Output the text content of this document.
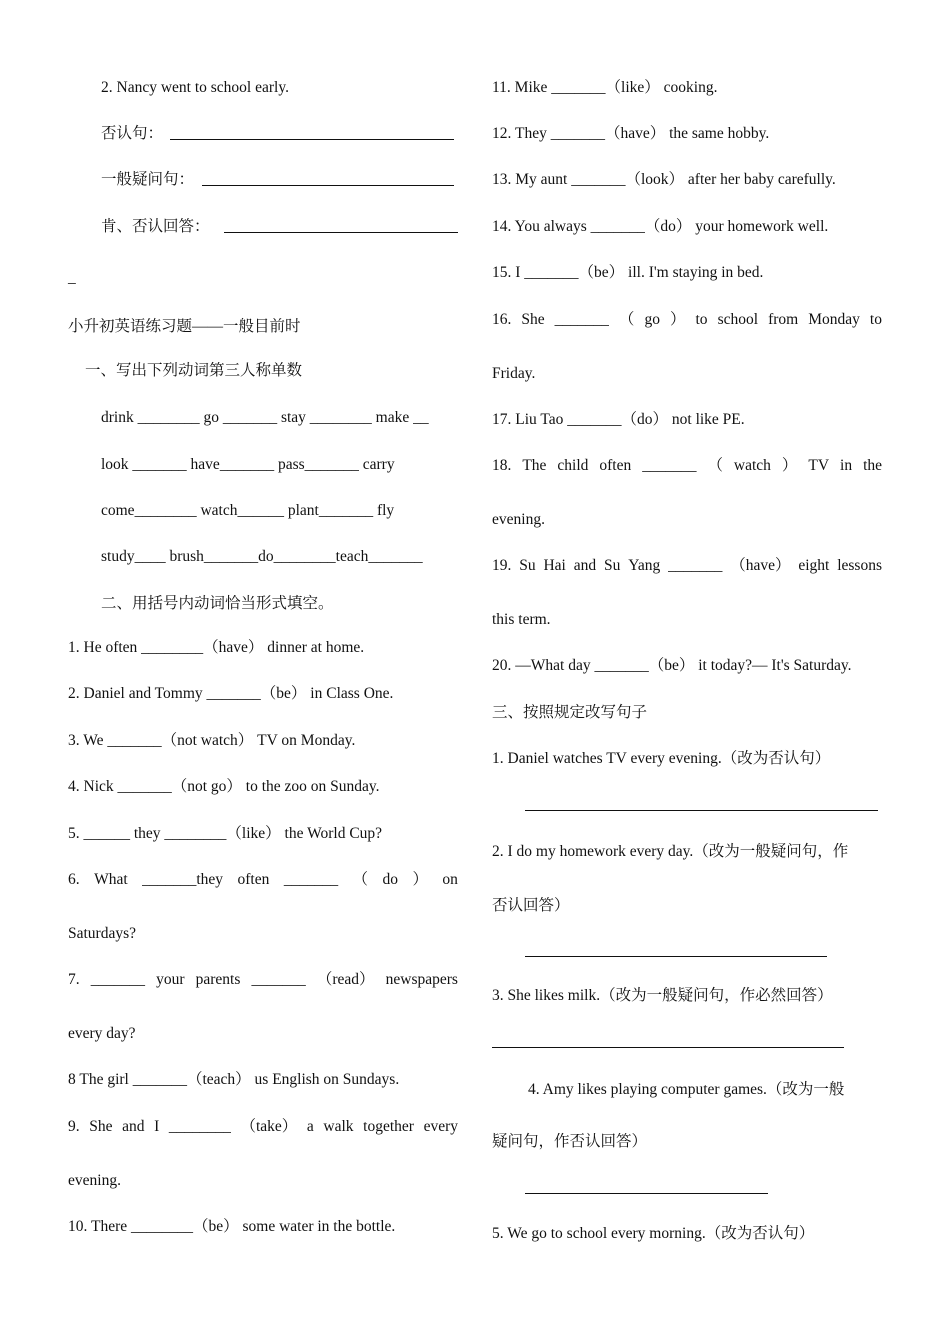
2. Nancy went to school early.
否认句：
一般疑问句：
肯、否认回答：
_
小升初英语练习题——一般目前时
一、写出下列动词第三人称单数
drink ________ go _______ stay ________ make __
look _______ have_______ pass_______ carry
come________ watch______ plant_______ fly
study____ brush_______do________teach_______
二、用括号内动词恰当形式填空。
1. He often ________（have） dinner at home.
2. Daniel and Tommy _______（be） in Class One.
3. We _______（not watch） TV on Monday.
4. Nick _______（not go） to the zoo on Sunday.
5. ______ they ________（like） the World Cup?
6. What _______they often _______ （ do ） on
Saturdays?
7. _______ your parents _______ （read） newspapers
every day?
8 The girl _______（teach） us English on Sundays.
9. She and I ________ （take） a walk together every
evening.
10. There ________（be） some water in the bottle.
11. Mike _______（like） cooking.
12. They _______（have） the same hobby.
13. My aunt _______（look） after her baby carefully.
14. You always _______（do） your homework well.
15. I _______（be） ill. I'm staying in bed.
16. She _______ （ go ） to school from Monday to
Friday.
17. Liu Tao _______（do） not like PE.
18. The child often _______ （ watch ） TV in the
evening.
19. Su Hai and Su Yang _______ （have） eight lessons
this term.
20. —What day _______（be） it today?— It's Saturday.
三、按照规定改写句子
1. Daniel watches TV every evening.（改为否认句）
2. I do my homework every day.（改为一般疑问句，作
否认回答）
3. She likes milk.（改为一般疑问句，作必然回答）
4. Amy likes playing computer games.（改为一般
疑问句，作否认回答）
5. We go to school every morning.（改为否认句）
